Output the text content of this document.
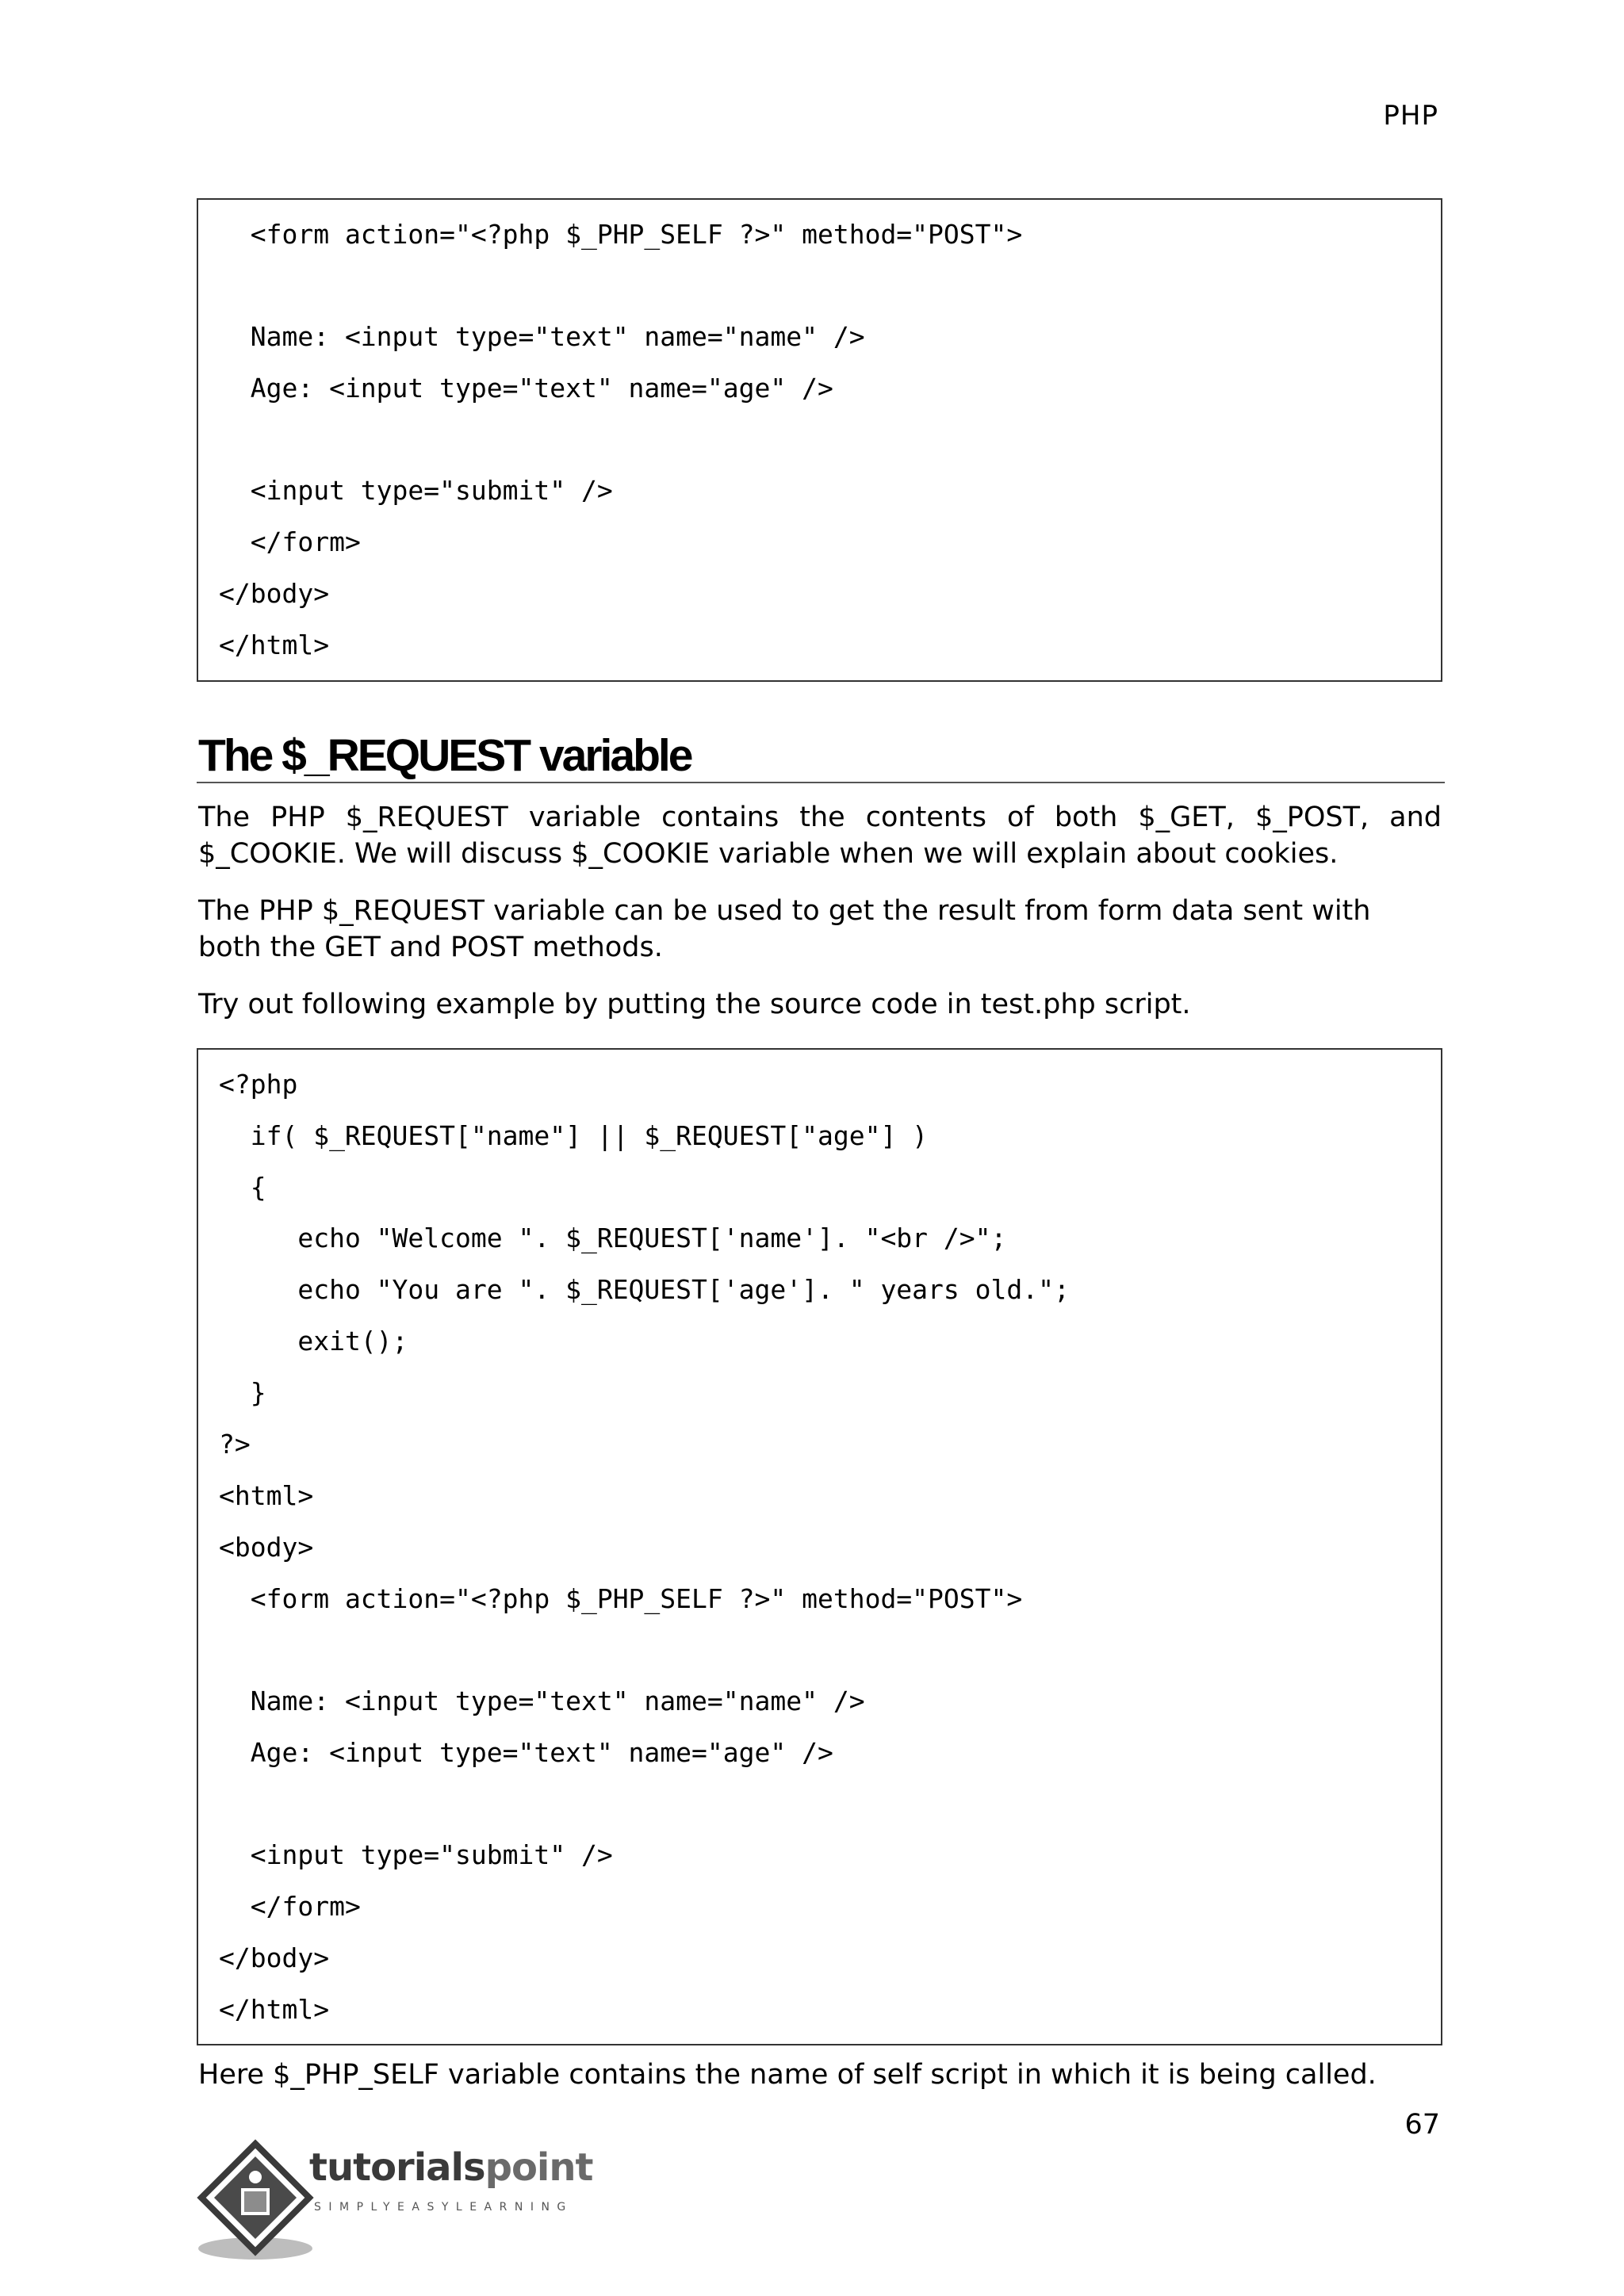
PHP
<form action="<?php $_PHP_SELF ?>" method="POST">
Name: <input type="text" name="name" />
Age: <input type="text" name="age" />
<input type="submit" />
</form>
</body>
</html>
The $_REQUEST variable
The PHP $_REQUEST variable contains the contents of both $_GET, $_POST, and $_COOKIE. We will discuss $_COOKIE variable when we will explain about cookies.
The PHP $_REQUEST variable can be used to get the result from form data sent with both the GET and POST methods.
Try out following example by putting the source code in test.php script.
<?php
if( $_REQUEST["name"] || $_REQUEST["age"] )
{
echo "Welcome ". $_REQUEST['name']. "<br />";
echo "You are ". $_REQUEST['age']. " years old.";
exit();
}
?>
<html>
<body>
<form action="<?php $_PHP_SELF ?>" method="POST">
Name: <input type="text" name="name" />
Age: <input type="text" name="age" />
<input type="submit" />
</form>
</body>
</html>
Here $_PHP_SELF variable contains the name of self script in which it is being called.
67
tutorialspoint
SIMPLYEASYLEARNING
